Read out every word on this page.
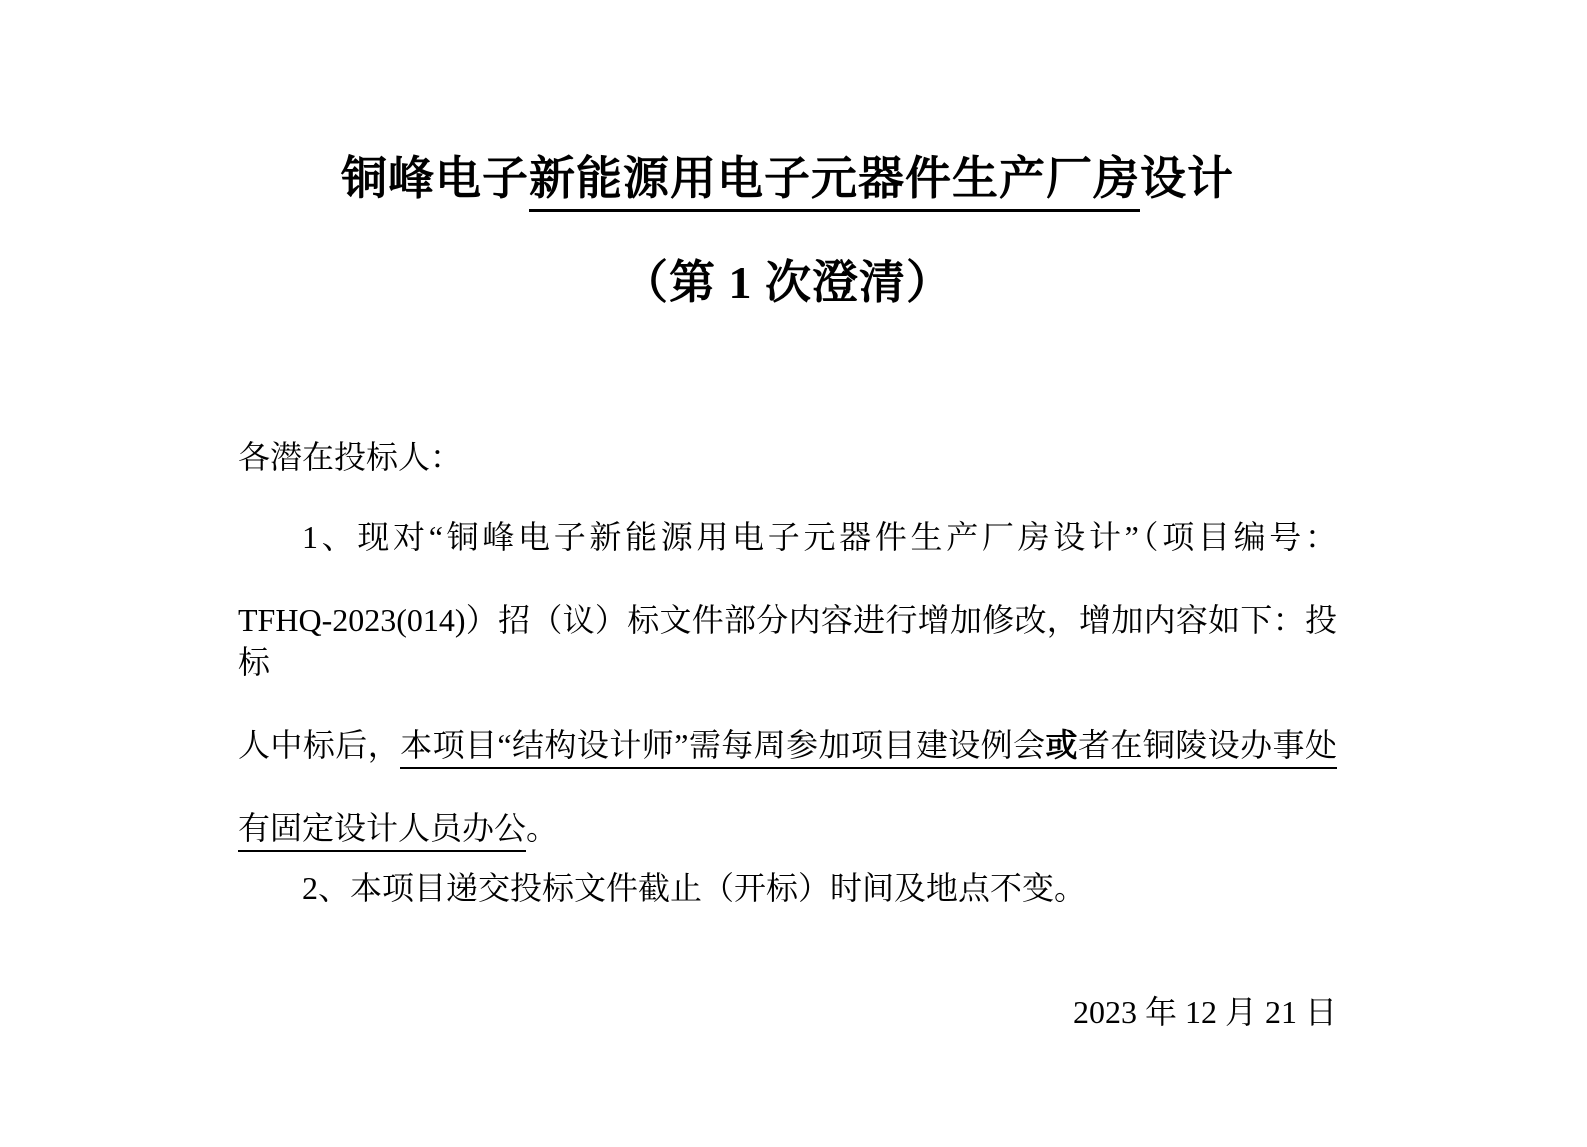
铜峰电子新能源用电子元器件生产厂房设计
（第 1 次澄清）
各潜在投标人：
1、现对“铜峰电子新能源用电子元器件生产厂房设计”（项目编号：
TFHQ-2023(014)）招（议）标文件部分内容进行增加修改，增加内容如下：投标
人中标后，本项目“结构设计师”需每周参加项目建设例会或者在铜陵设办事处
有固定设计人员办公。
2、本项目递交投标文件截止（开标）时间及地点不变。
2023 年 12 月 21 日
